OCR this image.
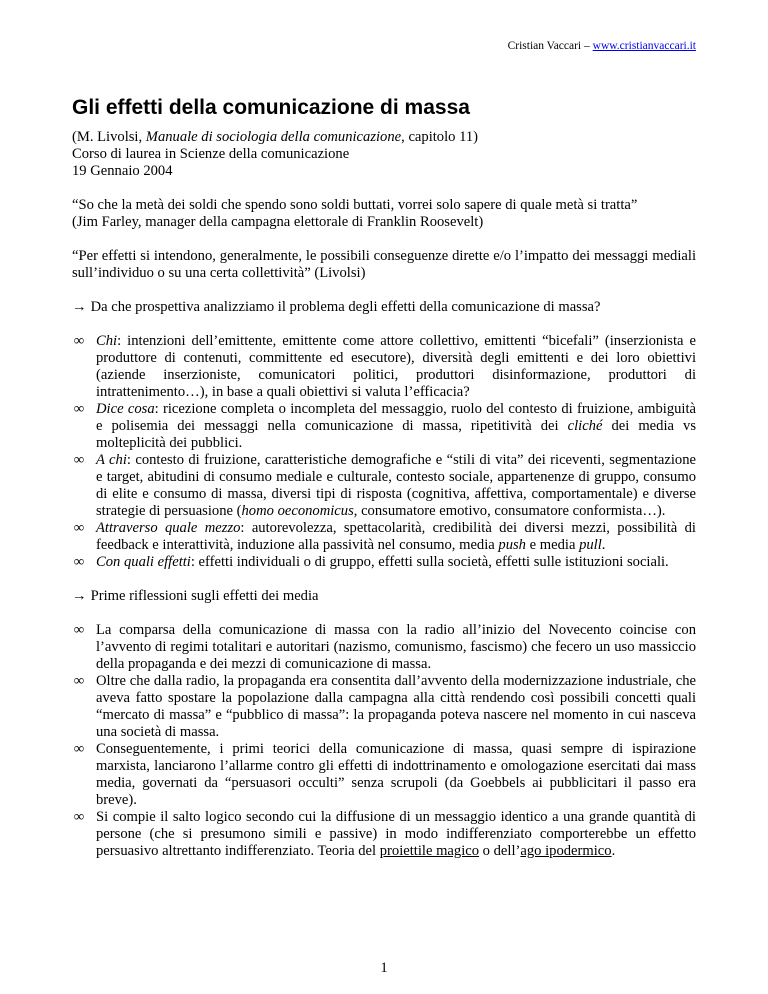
Cristian Vaccari – www.cristianvaccari.it
Gli effetti della comunicazione di massa

(M. Livolsi, Manuale di sociologia della comunicazione, capitolo 11)

Corso di laurea in Scienze della comunicazione

19 Gennaio 2004

“So che la metà dei soldi che spendo sono soldi buttati, vorrei solo sapere di quale metà si tratta”

(Jim Farley, manager della campagna elettorale di Franklin Roosevelt)

“Per effetti si intendono, generalmente, le possibili conseguenze dirette e/o l’impatto dei messaggi mediali sull’individuo o su una certa collettività” (Livolsi)

→ Da che prospettiva analizziamo il problema degli effetti della comunicazione di massa?

∞ Chi: intenzioni dell’emittente, emittente come attore collettivo, emittenti “bicefali” (inserzionista e produttore di contenuti, committente ed esecutore), diversità degli emittenti e dei loro obiettivi (aziende inserzioniste, comunicatori politici, produttori disinformazione, produttori di intrattenimento…), in base a quali obiettivi si valuta l’efficacia?
∞ Dice cosa: ricezione completa o incompleta del messaggio, ruolo del contesto di fruizione, ambiguità e polisemia dei messaggi nella comunicazione di massa, ripetitività dei cliché dei media vs molteplicità dei pubblici.
∞ A chi: contesto di fruizione, caratteristiche demografiche e “stili di vita” dei riceventi, segmentazione e target, abitudini di consumo mediale e culturale, contesto sociale, appartenenze di gruppo, consumo di elite e consumo di massa, diversi tipi di risposta (cognitiva, affettiva, comportamentale) e diverse strategie di persuasione (homo oeconomicus, consumatore emotivo, consumatore conformista…).
∞ Attraverso quale mezzo: autorevolezza, spettacolarità, credibilità dei diversi mezzi, possibilità di feedback e interattività, induzione alla passività nel consumo, media push e media pull.
∞ Con quali effetti: effetti individuali o di gruppo, effetti sulla società, effetti sulle istituzioni sociali.

→ Prime riflessioni sugli effetti dei media

∞ La comparsa della comunicazione di massa con la radio all’inizio del Novecento coincise con l’avvento di regimi totalitari e autoritari (nazismo, comunismo, fascismo) che fecero un uso massiccio della propaganda e dei mezzi di comunicazione di massa.
∞ Oltre che dalla radio, la propaganda era consentita dall’avvento della modernizzazione industriale, che aveva fatto spostare la popolazione dalla campagna alla città rendendo così possibili concetti quali “mercato di massa” e “pubblico di massa”: la propaganda poteva nascere nel momento in cui nasceva una società di massa.
∞ Conseguentemente, i primi teorici della comunicazione di massa, quasi sempre di ispirazione marxista, lanciarono l’allarme contro gli effetti di indottrinamento e omologazione esercitati dai mass media, governati da “persuasori occulti” senza scrupoli (da Goebbels ai pubblicitari il passo era breve).
∞ Si compie il salto logico secondo cui la diffusione di un messaggio identico a una grande quantità di persone (che si presumono simili e passive) in modo indifferenziato comporterebbe un effetto persuasivo altrettanto indifferenziato. Teoria del proiettile magico o dell’ago ipodermico.
1
